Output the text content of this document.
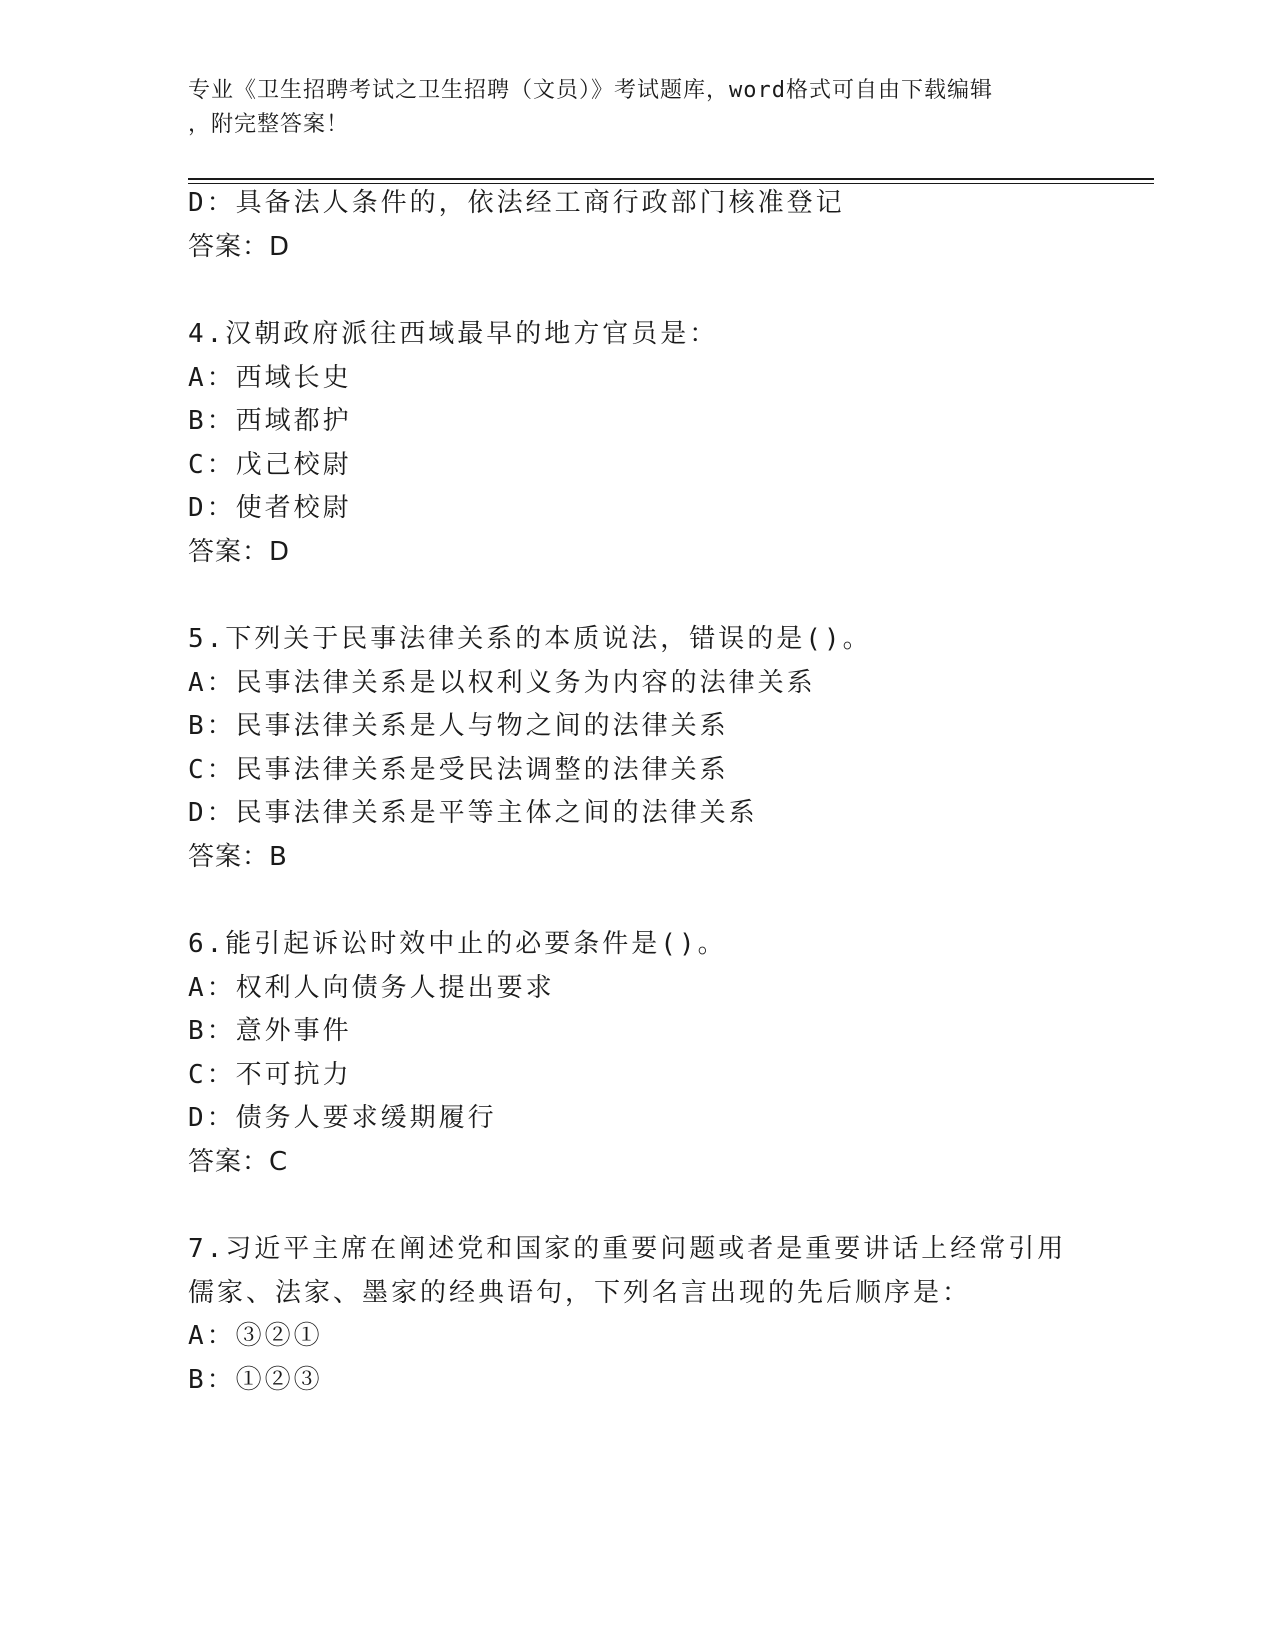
专业《卫生招聘考试之卫生招聘（文员）》考试题库，word格式可自由下载编辑
，附完整答案！
D：具备法人条件的，依法经工商行政部门核准登记
答案：D
4.汉朝政府派往西域最早的地方官员是：
A：西域长史
B：西域都护
C：戊己校尉
D：使者校尉
答案：D
5.下列关于民事法律关系的本质说法，错误的是()。
A：民事法律关系是以权利义务为内容的法律关系
B：民事法律关系是人与物之间的法律关系
C：民事法律关系是受民法调整的法律关系
D：民事法律关系是平等主体之间的法律关系
答案：B
6.能引起诉讼时效中止的必要条件是()。
A：权利人向债务人提出要求
B：意外事件
C：不可抗力
D：债务人要求缓期履行
答案：C
7.习近平主席在阐述党和国家的重要问题或者是重要讲话上经常引用
儒家、法家、墨家的经典语句，下列名言出现的先后顺序是：
A：③②①
B：①②③
